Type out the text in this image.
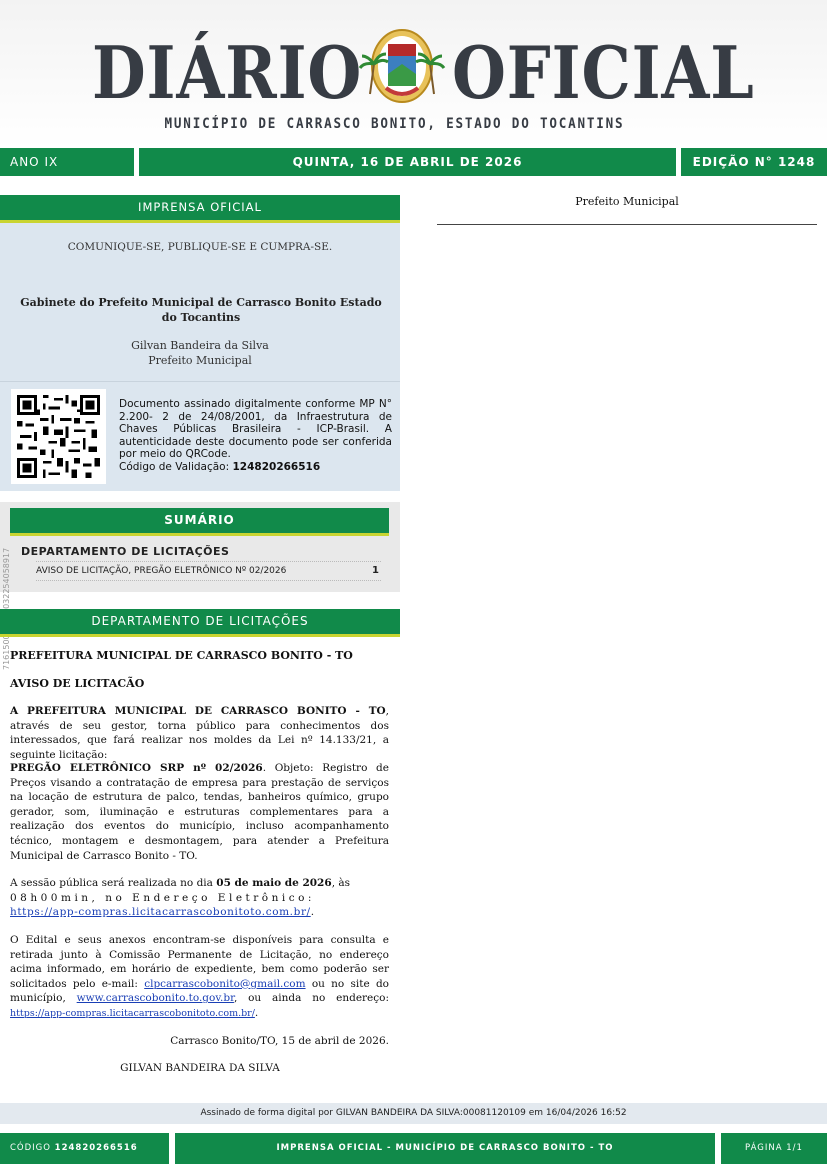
DIÁRIO OFICIAL
MUNICÍPIO DE CARRASCO BONITO, ESTADO DO TOCANTINS
ANO IX	QUINTA, 16 DE ABRIL DE 2026	EDIÇÃO N° 1248
IMPRENSA OFICIAL
COMUNIQUE-SE, PUBLIQUE-SE E CUMPRA-SE.
Gabinete do Prefeito Municipal de Carrasco Bonito Estado do Tocantins
Gilvan Bandeira da Silva
Prefeito Municipal
Documento assinado digitalmente conforme MP N° 2.200- 2 de 24/08/2001, da Infraestrutura de Chaves Públicas Brasileira - ICP-Brasil. A autenticidade deste documento pode ser conferida por meio do QRCode.
Código de Validação: 124820266516
SUMÁRIO
DEPARTAMENTO DE LICITAÇÕES
AVISO DE LICITAÇÃO, PREGÃO ELETRÔNICO Nº 02/2026	1
DEPARTAMENTO DE LICITAÇÕES
PREFEITURA MUNICIPAL DE CARRASCO BONITO - TO
AVISO DE LICITACÃO
A PREFEITURA MUNICIPAL DE CARRASCO BONITO - TO, através de seu gestor, torna público para conhecimentos dos interessados, que fará realizar nos moldes da Lei nº 14.133/21, a seguinte licitação:
PREGÃO ELETRÔNICO SRP nº 02/2026. Objeto: Registro de Preços visando a contratação de empresa para prestação de serviços na locação de estrutura de palco, tendas, banheiros químico, grupo gerador, som, iluminação e estruturas complementares para a realização dos eventos do município, incluso acompanhamento técnico, montagem e desmontagem, para atender a Prefeitura Municipal de Carrasco Bonito - TO.
A sessão pública será realizada no dia 05 de maio de 2026, às
08h00min, no Endereço Eletrônico:
https://app-compras.licitacarrascobonitoto.com.br/.
O Edital e seus anexos encontram-se disponíveis para consulta e retirada junto à Comissão Permanente de Licitação, no endereço acima informado, em horário de expediente, bem como poderão ser solicitados pelo e-mail: clpcarrascobonito@gmail.com ou no site do município, www.carrascobonito.to.gov.br, ou ainda no endereço: https://app-compras.licitacarrascobonitoto.com.br/.
Carrasco Bonito/TO, 15 de abril de 2026.
GILVAN BANDEIRA DA SILVA
Prefeito Municipal
Assinado de forma digital por GILVAN BANDEIRA DA SILVA:00081120109 em 16/04/2026 16:52
CÓDIGO 124820266516	IMPRENSA OFICIAL - MUNICÍPIO DE CARRASCO BONITO - TO	PÁGINA 1/1
